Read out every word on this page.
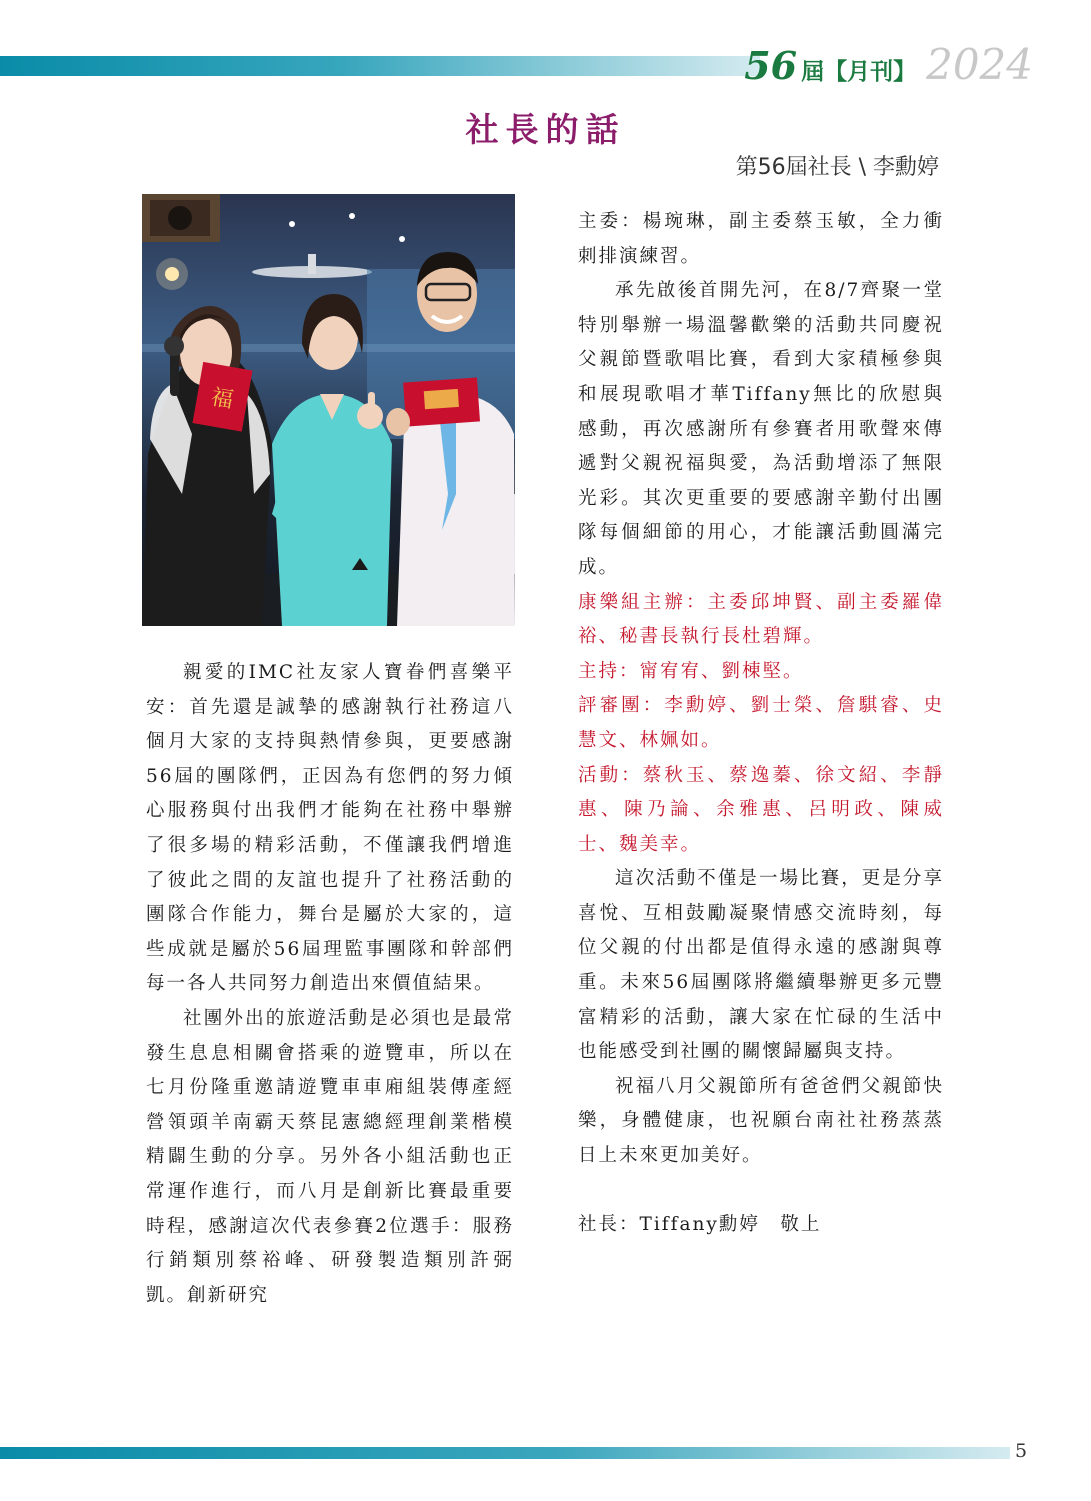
56 屆【月刊】 2024
社長的話
第56屆社長 \ 李勳婷
福

親愛的IMC社友家人寶眷們喜樂平安：首先還是誠摯的感謝執行社務這八個月大家的支持與熱情參與，更要感謝56屆的團隊們，正因為有您們的努力傾心服務與付出我們才能夠在社務中舉辦了很多場的精彩活動，不僅讓我們增進了彼此之間的友誼也提升了社務活動的團隊合作能力，舞台是屬於大家的，這些成就是屬於56屆理監事團隊和幹部們每一各人共同努力創造出來價值結果。

社團外出的旅遊活動是必須也是最常發生息息相關會搭乘的遊覽車，所以在七月份隆重邀請遊覽車車廂組裝傳產經營領頭羊南霸天蔡昆憲總經理創業楷模精闢生動的分享。另外各小組活動也正常運作進行，而八月是創新比賽最重要時程，感謝這次代表參賽2位選手：服務行銷類別蔡裕峰、研發製造類別許弼凱。創新研究

主委：楊琬琳，副主委蔡玉敏，全力衝刺排演練習。

承先啟後首開先河，在8/7齊聚一堂特別舉辦一場溫馨歡樂的活動共同慶祝父親節暨歌唱比賽，看到大家積極參與和展現歌唱才華Tiffany無比的欣慰與感動，再次感謝所有參賽者用歌聲來傳遞對父親祝福與愛，為活動增添了無限光彩。其次更重要的要感謝辛勤付出團隊每個細節的用心，才能讓活動圓滿完成。

康樂組主辦：主委邱坤賢、副主委羅偉裕、秘書長執行長杜碧輝。

主持：甯宥宥、劉棟堅。

評審團：李勳婷、劉士榮、詹騏睿、史慧文、林姵如。

活動：蔡秋玉、蔡逸蓁、徐文紹、李靜惠、陳乃論、余雅惠、呂明政、陳威士、魏美幸。

這次活動不僅是一場比賽，更是分享喜悅、互相鼓勵凝聚情感交流時刻，每位父親的付出都是值得永遠的感謝與尊重。未來56屆團隊將繼續舉辦更多元豐富精彩的活動，讓大家在忙碌的生活中也能感受到社團的關懷歸屬與支持。

祝福八月父親節所有爸爸們父親節快樂，身體健康，也祝願台南社社務蒸蒸日上未來更加美好。

社長：Tiffany勳婷　敬上

5
